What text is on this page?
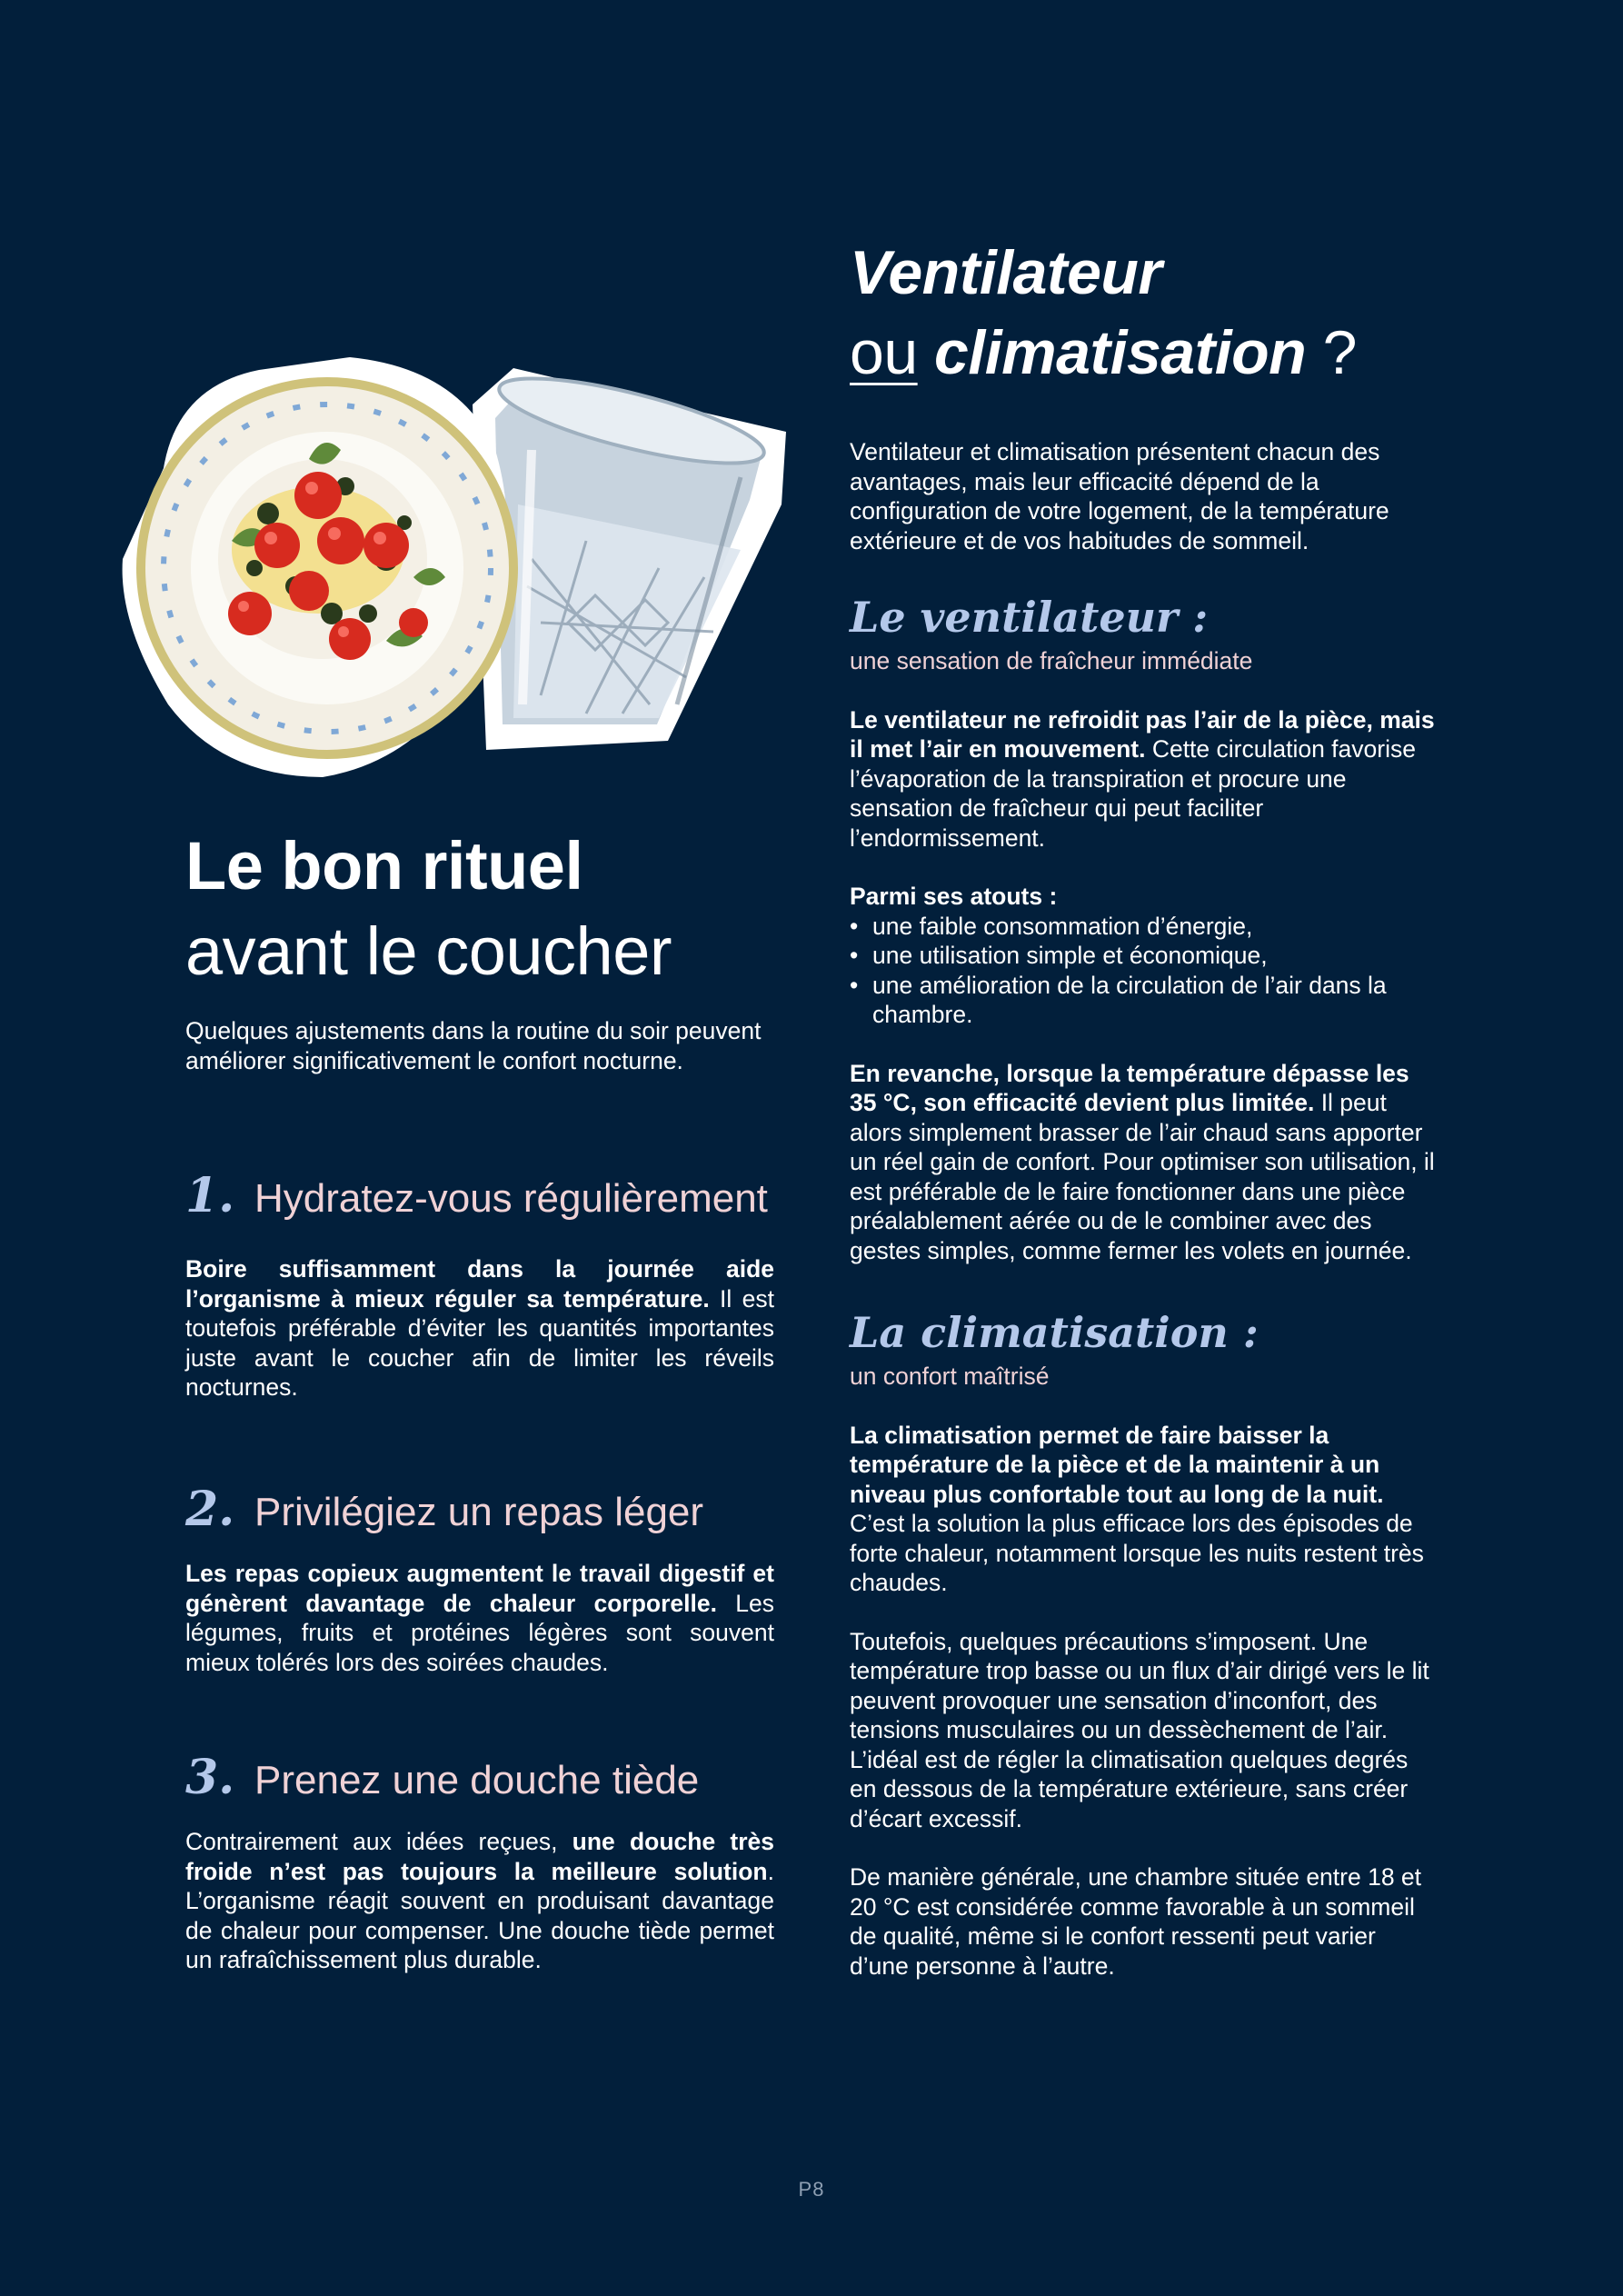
Le bon rituel
avant le coucher

Quelques ajustements dans la routine du soir peuvent améliorer significativement le confort nocturne.

1. Hydratez-vous régulièrement

Boire suffisamment dans la journée aide l’organisme à mieux réguler sa température. Il est toutefois préférable d’éviter les quantités importantes juste avant le coucher afin de limiter les réveils nocturnes.

2. Privilégiez un repas léger

Les repas copieux augmentent le travail digestif et génèrent davantage de chaleur corporelle. Les légumes, fruits et protéines légères sont souvent mieux tolérés lors des soirées chaudes.

3. Prenez une douche tiède

Contrairement aux idées reçues, une douche très froide n’est pas toujours la meilleure solution. L’organisme réagit souvent en produisant davantage de chaleur pour compenser. Une douche tiède permet un rafraîchissement plus durable.

Ventilateur
ou climatisation ?

Ventilateur et climatisation présentent chacun des avantages, mais leur efficacité dépend de la configuration de votre logement, de la température extérieure et de vos habitudes de sommeil.

Le ventilateur :

une sensation de fraîcheur immédiate

Le ventilateur ne refroidit pas l’air de la pièce, mais il met l’air en mouvement. Cette circulation favorise l’évaporation de la transpiration et procure une sensation de fraîcheur qui peut faciliter l’endormissement.

Parmi ses atouts :

• une faible consommation d’énergie,
• une utilisation simple et économique,
• une amélioration de la circulation de l’air dans la chambre.

En revanche, lorsque la température dépasse les 35 °C, son efficacité devient plus limitée. Il peut alors simplement brasser de l’air chaud sans apporter un réel gain de confort. Pour optimiser son utilisation, il est préférable de le faire fonctionner dans une pièce préalablement aérée ou de le combiner avec des gestes simples, comme fermer les volets en journée.

La climatisation :

un confort maîtrisé

La climatisation permet de faire baisser la température de la pièce et de la maintenir à un niveau plus confortable tout au long de la nuit. C’est la solution la plus efficace lors des épisodes de forte chaleur, notamment lorsque les nuits restent très chaudes.

Toutefois, quelques précautions s’imposent. Une température trop basse ou un flux d’air dirigé vers le lit peuvent provoquer une sensation d’inconfort, des tensions musculaires ou un dessèchement de l’air. L’idéal est de régler la climatisation quelques degrés en dessous de la température extérieure, sans créer d’écart excessif.

De manière générale, une chambre située entre 18 et 20 °C est considérée comme favorable à un sommeil de qualité, même si le confort ressenti peut varier d’une personne à l’autre.

P8
